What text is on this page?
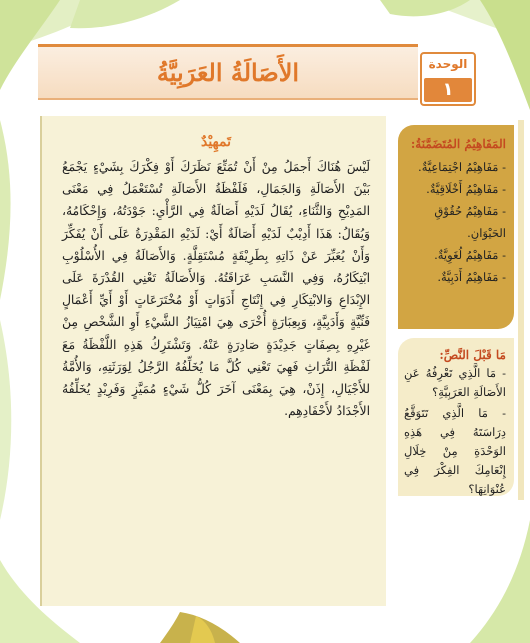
الأَصَالَةُ العَرَبِيَّةُ	الوحدة
١
تَمهِيْدٌ

لَيْسَ هُنَاكَ أَجمَلُ مِنْ أَنْ تُمَتِّعَ نَظَرَكَ أَوْ فِكْرَكَ بِشَيْءٍ يَجْمَعُ بَيْنَ الأَصَالَةِ وَالجَمَالِ، فَلَفْظَةُ الأَصَالَةِ تُسْتَعْمَلُ فِي مَعْنَى المَدِيْحِ وَالثَّنَاءِ، يُقَالُ لَدَيْهِ أَصَالَةٌ فِي الرَّأْيِ: جَوْدَتُهُ، وَإِحْكَامُهُ، وَيُقَالُ: هَذَا أَدِيْبٌ لَدَيْهِ أَصَالَةٌ أَيْ: لَدَيْهِ المَقْدِرَةُ عَلَى أَنْ يُفَكِّرَ وَأَنْ يُعَبِّرَ عَنْ ذَاتِهِ بِطَرِيْقَةٍ مُسْتَقِلَّةٍ. وَالأَصَالَةُ فِي الأُسْلُوْبِ ابْتِكَارُهُ، وَفِي النَّسَبِ عَرَاقَتُهُ. وَالأَصَالَةُ تَعْنِي القُدْرَةَ عَلَى الإِبْدَاعِ وَالابْتِكَارِ فِي إِنْتَاجِ أَدَوَاتٍ أَوْ مُخْتَرَعَاتٍ أَوْ أَيِّ أَعْمَالٍ فَنِّيَّةٍ وَأَدَبِيَّةٍ، وَبِعِبَارَةٍ أُخْرَى هِيَ امْتِيَازُ الشَّيْءِ أَوِ الشَّخْصِ مِنْ غَيْرِهِ بِصِفَاتٍ جَدِيْدَةٍ صَادِرَةٍ عَنْهُ. وَتَشْتَرِكُ هَذِهِ اللَّفْظَةُ مَعَ لَفْظَةِ التُّرَاثِ فَهِيَ تَعْنِي كُلَّ مَا يُخَلِّفُهُ الرَّجُلُ لِوَرَثَتِهِ، وَالأُمَّةُ للأَجْيَالِ، إِذَنْ، هِيَ بِمَعْنَى آخَرَ كُلُّ شَيْءٍ مُمَيَّزٍ وَفَرِيْدٍ يُخَلِّفُهُ الأَجْدَادُ لأَحْفَادِهِم.

المَفَاهِيْمُ المُتَضَمَّنَةُ:
- مَفَاهِيْمُ اجْتِمَاعِيَّةٌ.
- مَفَاهِيْمُ أَخْلَاقِيَّةٌ.
- مَفَاهِيْمُ حُقُوْقِ الحَيْوَانِ.
- مَفَاهِيْمُ لُغَوِيَّةٌ.
- مَفَاهِيْمُ أَدَبِيَّةٌ.
مَا قَبْلَ النَّصِّ:

- مَا الَّذِي تَعْرِفُهُ عَنِ الأَصَالَةِ العَرَبِيَّةِ؟

- مَا الَّذِي تَتَوَقَّعُ دِرَاسَتَهُ فِي هَذِهِ الوَحْدَةِ مِنْ خِلَالِ إِنْعَامِكَ الفِكْرَ فِي عُنْوَانِهَا؟
